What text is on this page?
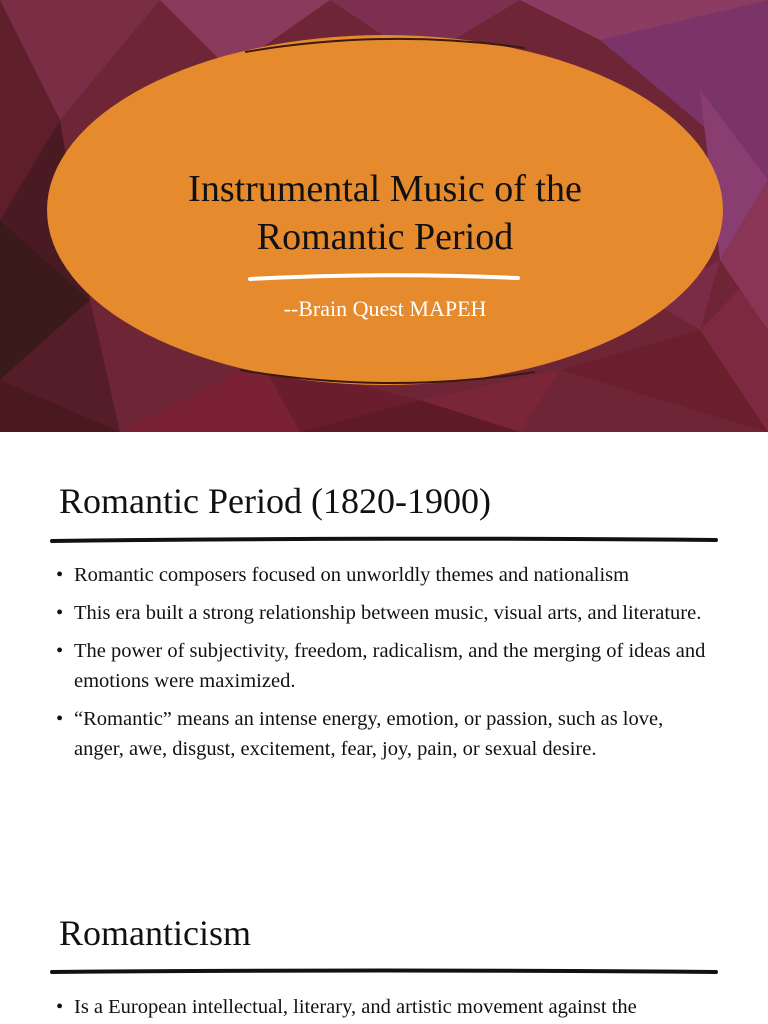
Instrumental Music of the
Romantic Period
--Brain Quest MAPEH
Romantic Period (1820-1900)
• Romantic composers focused on unworldly themes and nationalism
• This era built a strong relationship between music, visual arts, and literature.
• The power of subjectivity, freedom, radicalism, and the merging of ideas and emotions were maximized.
• “Romantic” means an intense energy, emotion, or passion, such as love, anger, awe, disgust, excitement, fear, joy, pain, or sexual desire.
Romanticism
• Is a European intellectual, literary, and artistic movement against the
